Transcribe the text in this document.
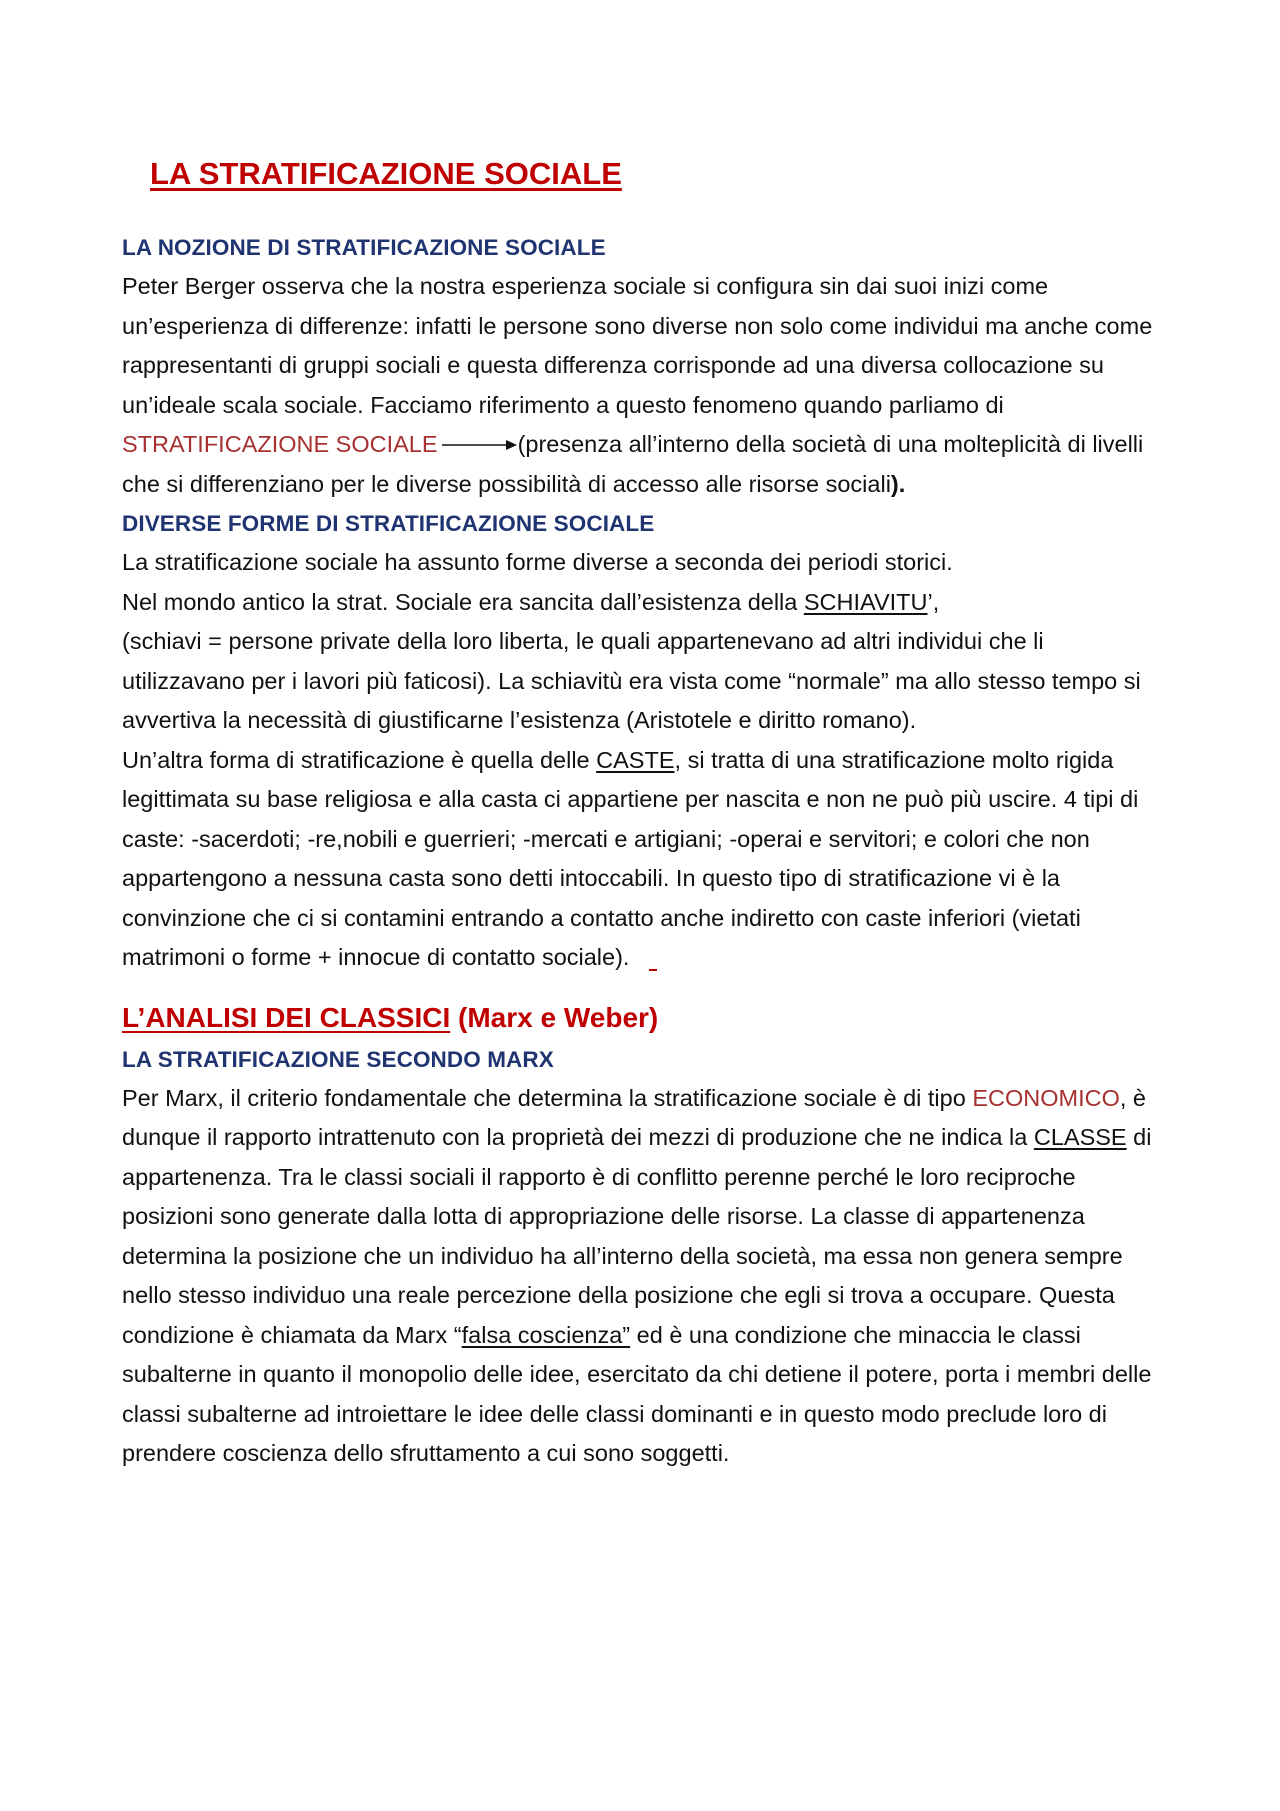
LA STRATIFICAZIONE SOCIALE
LA NOZIONE DI STRATIFICAZIONE SOCIALE

Peter Berger osserva che la nostra esperienza sociale si configura sin dai suoi inizi come un’esperienza di differenze: infatti le persone sono diverse non solo come individui ma anche come rappresentanti di gruppi sociali e questa differenza corrisponde ad una diversa collocazione su un’ideale scala sociale. Facciamo riferimento a questo fenomeno quando parliamo di STRATIFICAZIONE SOCIALE	(presenza all’interno della società di una molteplicità di livelli che si differenziano per le diverse possibilità di accesso alle risorse sociali).

DIVERSE FORME DI STRATIFICAZIONE SOCIALE

La stratificazione sociale ha assunto forme diverse a seconda dei periodi storici.

Nel mondo antico la strat. Sociale era sancita dall’esistenza della SCHIAVITU’,

(schiavi = persone private della loro liberta, le quali appartenevano ad altri individui che li utilizzavano per i lavori più faticosi). La schiavitù era vista come “normale” ma allo stesso tempo si avvertiva la necessità di giustificarne l’esistenza (Aristotele e diritto romano).

Un’altra forma di stratificazione è quella delle CASTE, si tratta di una stratificazione molto rigida legittimata su base religiosa e alla casta ci appartiene per nascita e non ne può più uscire. 4 tipi di caste: -sacerdoti; -re,nobili e guerrieri; -mercati e artigiani; -operai e servitori; e colori che non appartengono a nessuna casta sono detti intoccabili. In questo tipo di stratificazione vi è la convinzione che ci si contamini entrando a contatto anche indiretto con caste inferiori (vietati matrimoni o forme + innocue di contatto sociale).

L’ANALISI DEI CLASSICI (Marx e Weber)
LA STRATIFICAZIONE SECONDO MARX

Per Marx, il criterio fondamentale che determina la stratificazione sociale è di tipo ECONOMICO, è dunque il rapporto intrattenuto con la proprietà dei mezzi di produzione che ne indica la CLASSE di appartenenza. Tra le classi sociali il rapporto è di conflitto perenne perché le loro reciproche posizioni sono generate dalla lotta di appropriazione delle risorse. La classe di appartenenza determina la posizione che un individuo ha all’interno della società, ma essa non genera sempre nello stesso individuo una reale percezione della posizione che egli si trova a occupare. Questa condizione è chiamata da Marx “falsa coscienza” ed è una condizione che minaccia le classi subalterne in quanto il monopolio delle idee, esercitato da chi detiene il potere, porta i membri delle classi subalterne ad introiettare le idee delle classi dominanti e in questo modo preclude loro di prendere coscienza dello sfruttamento a cui sono soggetti.
